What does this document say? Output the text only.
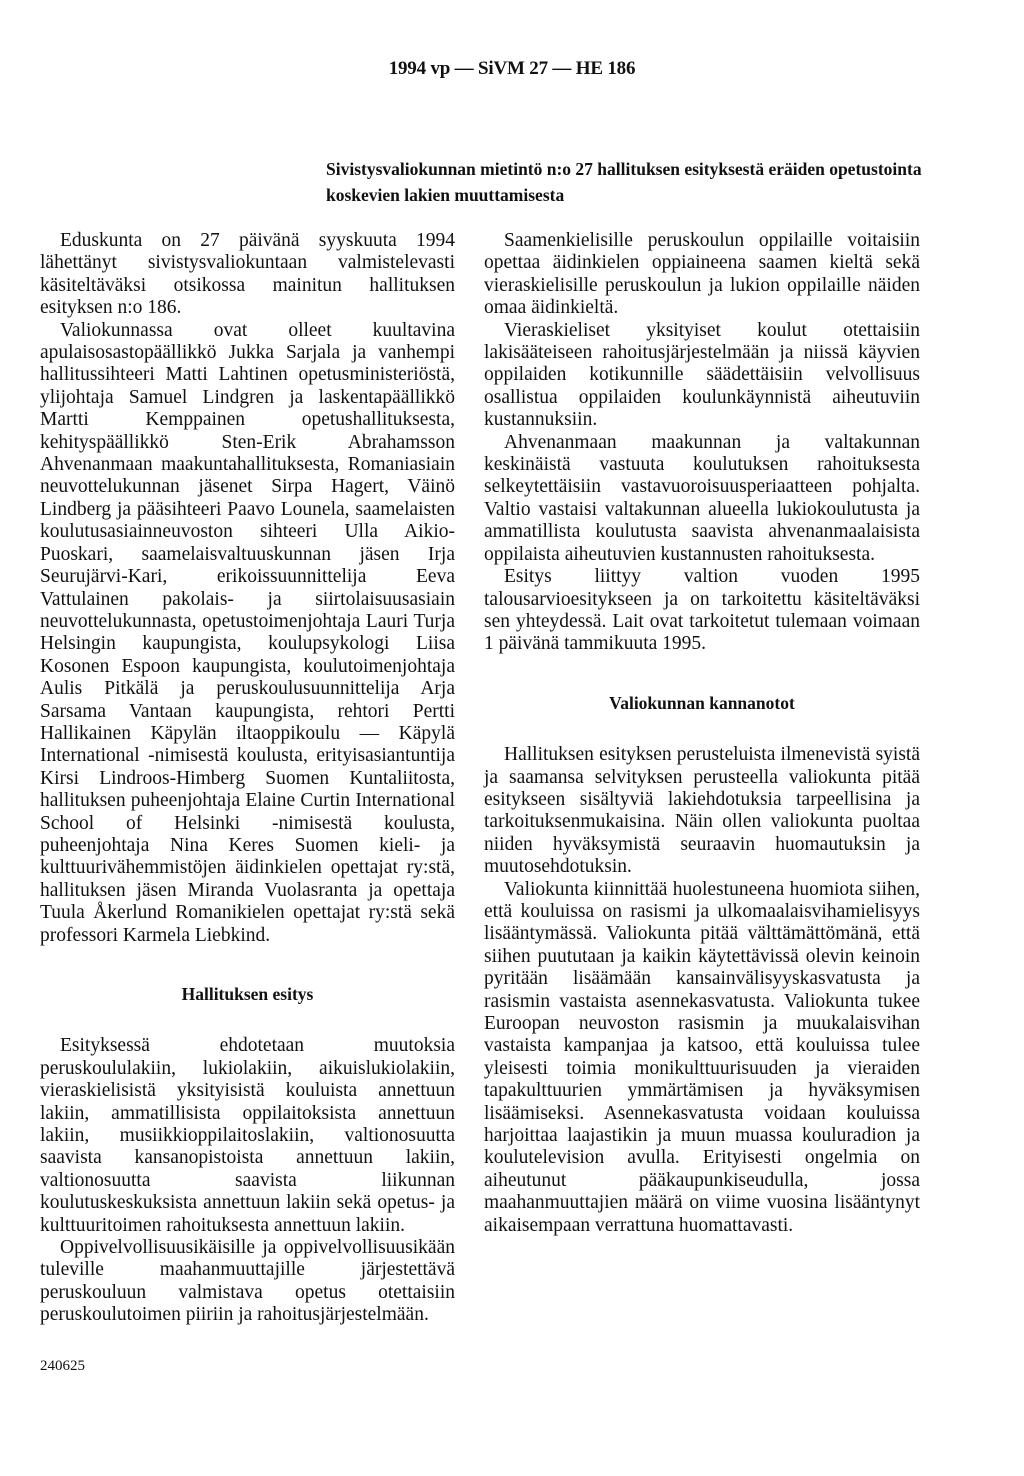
1994 vp — SiVM 27 — HE 186
Sivistysvaliokunnan mietintö n:o 27 hallituksen esityksestä eräiden opetustointa koskevien lakien muuttamisesta

Eduskunta on 27 päivänä syyskuuta 1994 lähettänyt sivistysvaliokuntaan valmistelevasti käsiteltäväksi otsikossa mainitun hallituksen esityksen n:o 186.

Valiokunnassa ovat olleet kuultavina apulaisosastopäällikkö Jukka Sarjala ja vanhempi hallitussihteeri Matti Lahtinen opetusministeriöstä, ylijohtaja Samuel Lindgren ja laskentapäällikkö Martti Kemppainen opetushallituksesta, kehityspäällikkö Sten-Erik Abrahamsson Ahvenanmaan maakuntahallituksesta, Romaniasiain neuvottelukunnan jäsenet Sirpa Hagert, Väinö Lindberg ja pääsihteeri Paavo Lounela, saamelaisten koulutusasiainneuvoston sihteeri Ulla Aikio-Puoskari, saamelaisvaltuuskunnan jäsen Irja Seurujärvi-Kari, erikoissuunnittelija Eeva Vattulainen pakolais- ja siirtolaisuusasiain neuvottelukunnasta, opetustoimenjohtaja Lauri Turja Helsingin kaupungista, koulupsykologi Liisa Kosonen Espoon kaupungista, koulutoimenjohtaja Aulis Pitkälä ja peruskoulusuunnittelija Arja Sarsama Vantaan kaupungista, rehtori Pertti Hallikainen Käpylän iltaoppikoulu — Käpylä International -nimisestä koulusta, erityisasiantuntija Kirsi Lindroos-Himberg Suomen Kuntaliitosta, hallituksen puheenjohtaja Elaine Curtin International School of Helsinki -nimisestä koulusta, puheenjohtaja Nina Keres Suomen kieli- ja kulttuurivähemmistöjen äidinkielen opettajat ry:stä, hallituksen jäsen Miranda Vuolasranta ja opettaja Tuula Åkerlund Romanikielen opettajat ry:stä sekä professori Karmela Liebkind.

Hallituksen esitys

Esityksessä ehdotetaan muutoksia peruskoululakiin, lukiolakiin, aikuislukiolakiin, vieraskielisistä yksityisistä kouluista annettuun lakiin, ammatillisista oppilaitoksista annettuun lakiin, musiikkioppilaitoslakiin, valtionosuutta saavista kansanopistoista annettuun lakiin, valtionosuutta saavista liikunnan koulutuskeskuksista annettuun lakiin sekä opetus- ja kulttuuritoimen rahoituksesta annettuun lakiin.

Oppivelvollisuusikäisille ja oppivelvollisuusikään tuleville maahanmuuttajille järjestettävä peruskouluun valmistava opetus otettaisiin peruskoulutoimen piiriin ja rahoitusjärjestelmään.

Saamenkielisille peruskoulun oppilaille voitaisiin opettaa äidinkielen oppiaineena saamen kieltä sekä vieraskielisille peruskoulun ja lukion oppilaille näiden omaa äidinkieltä.

Vieraskieliset yksityiset koulut otettaisiin lakisääteiseen rahoitusjärjestelmään ja niissä käyvien oppilaiden kotikunnille säädettäisiin velvollisuus osallistua oppilaiden koulunkäynnistä aiheutuviin kustannuksiin.

Ahvenanmaan maakunnan ja valtakunnan keskinäistä vastuuta koulutuksen rahoituksesta selkeytettäisiin vastavuoroisuusperiaatteen pohjalta. Valtio vastaisi valtakunnan alueella lukiokoulutusta ja ammatillista koulutusta saavista ahvenanmaalaisista oppilaista aiheutuvien kustannusten rahoituksesta.

Esitys liittyy valtion vuoden 1995 talousarvioesitykseen ja on tarkoitettu käsiteltäväksi sen yhteydessä. Lait ovat tarkoitetut tulemaan voimaan 1 päivänä tammikuuta 1995.

Valiokunnan kannanotot

Hallituksen esityksen perusteluista ilmenevistä syistä ja saamansa selvityksen perusteella valiokunta pitää esitykseen sisältyviä lakiehdotuksia tarpeellisina ja tarkoituksenmukaisina. Näin ollen valiokunta puoltaa niiden hyväksymistä seuraavin huomautuksin ja muutosehdotuksin.

Valiokunta kiinnittää huolestuneena huomiota siihen, että kouluissa on rasismi ja ulkomaalaisvihamielisyys lisääntymässä. Valiokunta pitää välttämättömänä, että siihen puututaan ja kaikin käytettävissä olevin keinoin pyritään lisäämään kansainvälisyyskasvatusta ja rasismin vastaista asennekasvatusta. Valiokunta tukee Euroopan neuvoston rasismin ja muukalaisvihan vastaista kampanjaa ja katsoo, että kouluissa tulee yleisesti toimia monikulttuurisuuden ja vieraiden tapakulttuurien ymmärtämisen ja hyväksymisen lisäämiseksi. Asennekasvatusta voidaan kouluissa harjoittaa laajastikin ja muun muassa kouluradion ja koulutelevision avulla. Erityisesti ongelmia on aiheutunut pääkaupunkiseudulla, jossa maahanmuuttajien määrä on viime vuosina lisääntynyt aikaisempaan verrattuna huomattavasti.

240625
